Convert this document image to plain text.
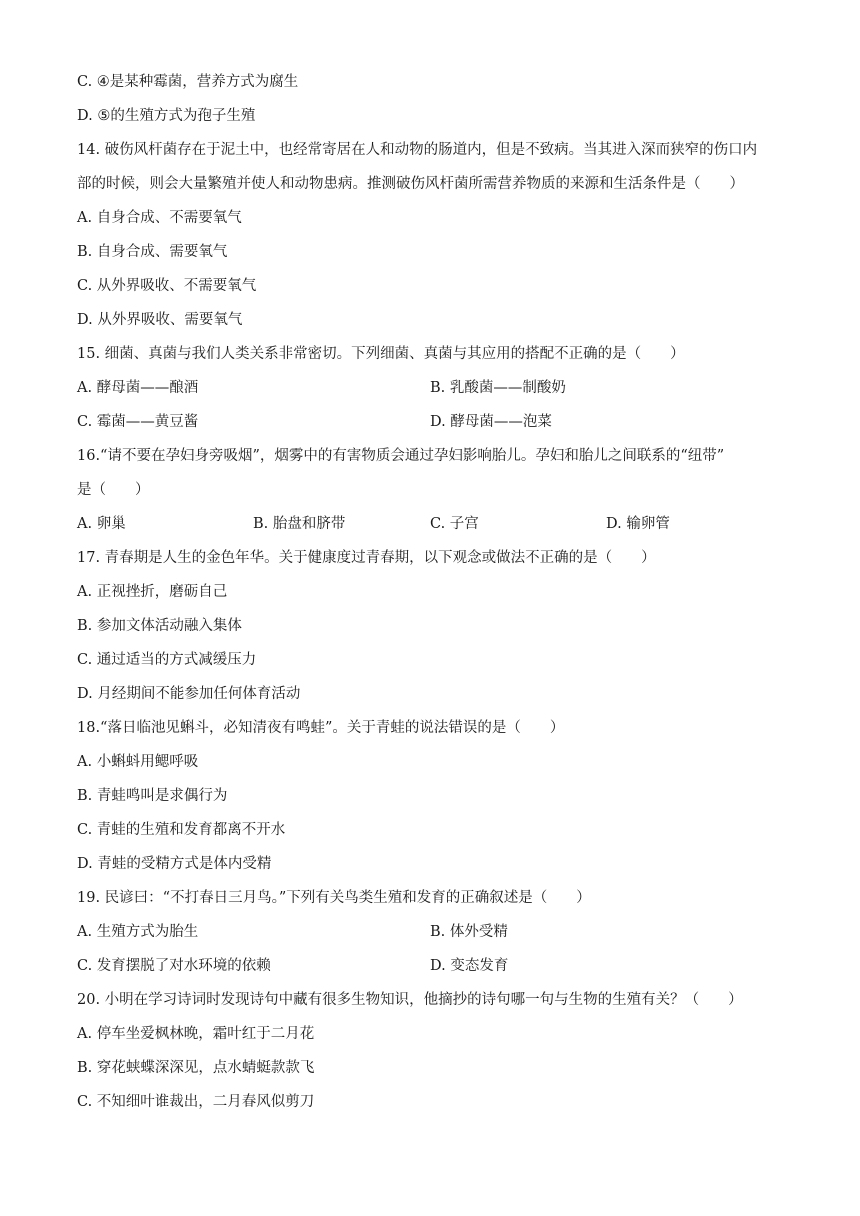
C. ④是某种霉菌，营养方式为腐生
D. ⑤的生殖方式为孢子生殖
14. 破伤风杆菌存在于泥土中，也经常寄居在人和动物的肠道内，但是不致病。当其进入深而狭窄的伤口内
部的时候，则会大量繁殖并使人和动物患病。推测破伤风杆菌所需营养物质的来源和生活条件是（　　）
A. 自身合成、不需要氧气
B. 自身合成、需要氧气
C. 从外界吸收、不需要氧气
D. 从外界吸收、需要氧气
15. 细菌、真菌与我们人类关系非常密切。下列细菌、真菌与其应用的搭配不正确的是（　　）
A. 酵母菌——酿酒	B. 乳酸菌——制酸奶
C. 霉菌——黄豆酱	D. 酵母菌——泡菜
16.“请不要在孕妇身旁吸烟”，烟雾中的有害物质会通过孕妇影响胎儿。孕妇和胎儿之间联系的“纽带”
是（　　）
A. 卵巢	B. 胎盘和脐带	C. 子宫	D. 输卵管
17. 青春期是人生的金色年华。关于健康度过青春期，以下观念或做法不正确的是（　　）
A. 正视挫折，磨砺自己
B. 参加文体活动融入集体
C. 通过适当的方式减缓压力
D. 月经期间不能参加任何体育活动
18.“落日临池见蝌斗，必知清夜有鸣蛙”。关于青蛙的说法错误的是（　　）
A. 小蝌蚪用鳃呼吸
B. 青蛙鸣叫是求偶行为
C. 青蛙的生殖和发育都离不开水
D. 青蛙的受精方式是体内受精
19. 民谚曰：“不打春日三月鸟。”下列有关鸟类生殖和发育的正确叙述是（　　）
A. 生殖方式为胎生	B. 体外受精
C. 发育摆脱了对水环境的依赖	D. 变态发育
20. 小明在学习诗词时发现诗句中藏有很多生物知识，他摘抄的诗句哪一句与生物的生殖有关？（　　）
A. 停车坐爱枫林晚，霜叶红于二月花
B. 穿花蛱蝶深深见，点水蜻蜓款款飞
C. 不知细叶谁裁出，二月春风似剪刀
